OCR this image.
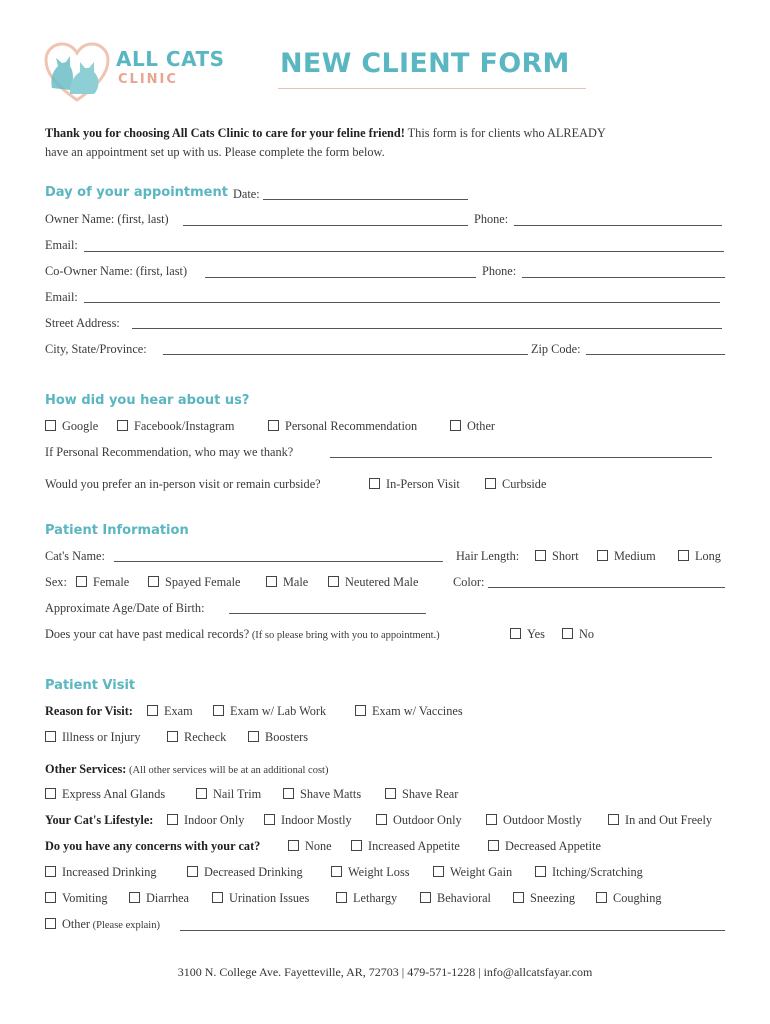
ALL CATS
CLINIC
NEW CLIENT FORM
Thank you for choosing All Cats Clinic to care for your feline friend! This form is for clients who ALREADY
have an appointment set up with us. Please complete the form below.
Day of your appointment Date:
Owner Name: (first, last)	Phone:
Email:
Co-Owner Name: (first, last)	Phone:
Email:
Street Address:
City, State/Province:	Zip Code:
How did you hear about us?
Google	Facebook/Instagram	Personal Recommendation	Other
If Personal Recommendation, who may we thank?
Would you prefer an in-person visit or remain curbside?	In-Person Visit	Curbside
Patient Information
Cat's Name:	Hair Length:	Short	Medium	Long
Sex:	Female	Spayed Female	Male	Neutered Male	Color:
Approximate Age/Date of Birth:
Does your cat have past medical records? (If so please bring with you to appointment.)	Yes	No
Patient Visit
Reason for Visit:	Exam	Exam w/ Lab Work	Exam w/ Vaccines
Illness or Injury	Recheck	Boosters
Other Services: (All other services will be at an additional cost)
Express Anal Glands	Nail Trim	Shave Matts	Shave Rear
Your Cat's Lifestyle:	Indoor Only	Indoor Mostly	Outdoor Only	Outdoor Mostly	In and Out Freely
Do you have any concerns with your cat?	None	Increased Appetite	Decreased Appetite
Increased Drinking	Decreased Drinking	Weight Loss	Weight Gain	Itching/Scratching
Vomiting	Diarrhea	Urination Issues	Lethargy	Behavioral	Sneezing	Coughing
Other (Please explain)
3100 N. College Ave. Fayetteville, AR, 72703 | 479-571-1228 | info@allcatsfayar.com
